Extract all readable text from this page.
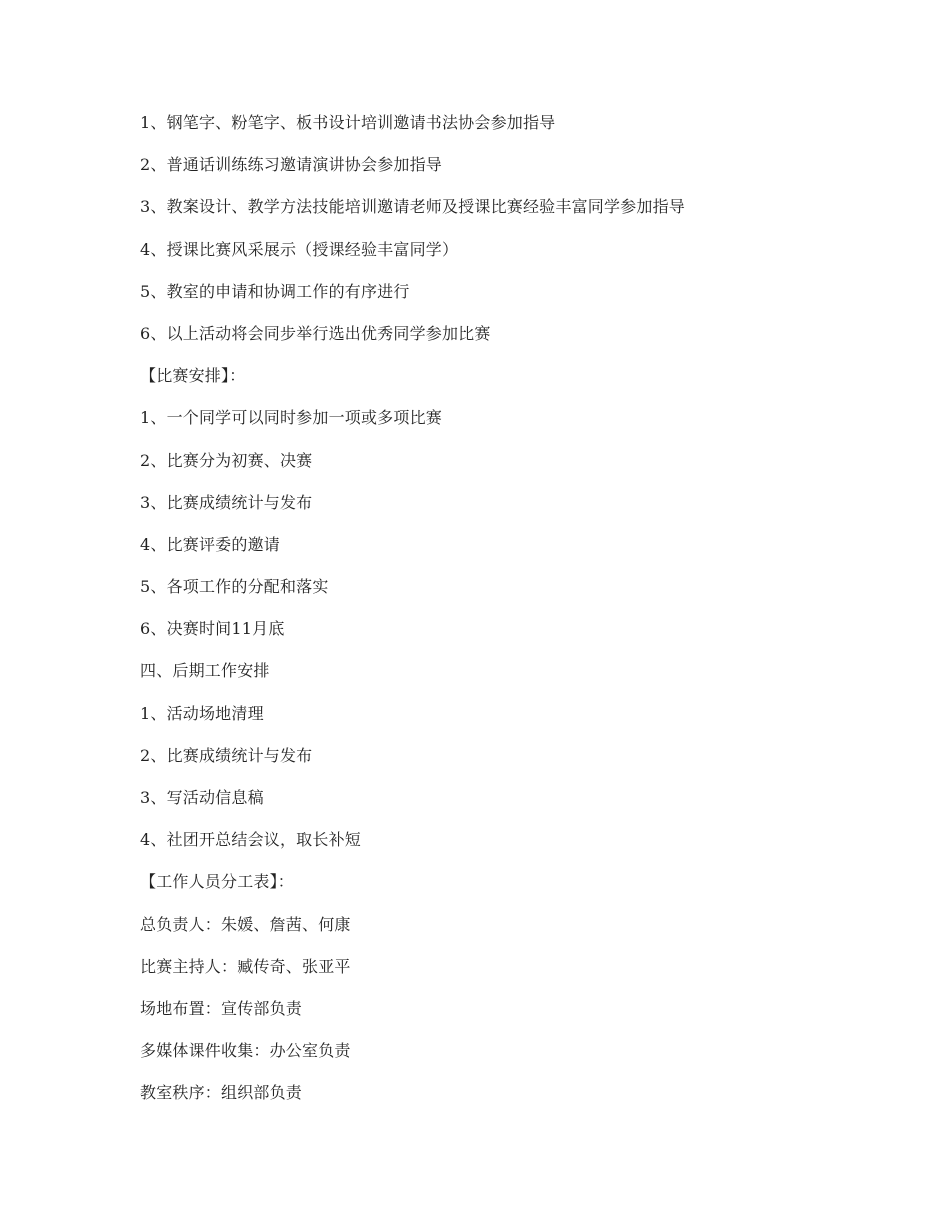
1、钢笔字、粉笔字、板书设计培训邀请书法协会参加指导

2、普通话训练练习邀请演讲协会参加指导

3、教案设计、教学方法技能培训邀请老师及授课比赛经验丰富同学参加指导

4、授课比赛风采展示（授课经验丰富同学）

5、教室的申请和协调工作的有序进行

6、以上活动将会同步举行选出优秀同学参加比赛

【比赛安排】：

1、一个同学可以同时参加一项或多项比赛

2、比赛分为初赛、决赛

3、比赛成绩统计与发布

4、比赛评委的邀请

5、各项工作的分配和落实

6、决赛时间11月底

四、后期工作安排

1、活动场地清理

2、比赛成绩统计与发布

3、写活动信息稿

4、社团开总结会议，取长补短

【工作人员分工表】：

总负责人：朱媛、詹茜、何康

比赛主持人：臧传奇、张亚平

场地布置：宣传部负责

多媒体课件收集：办公室负责

教室秩序：组织部负责
